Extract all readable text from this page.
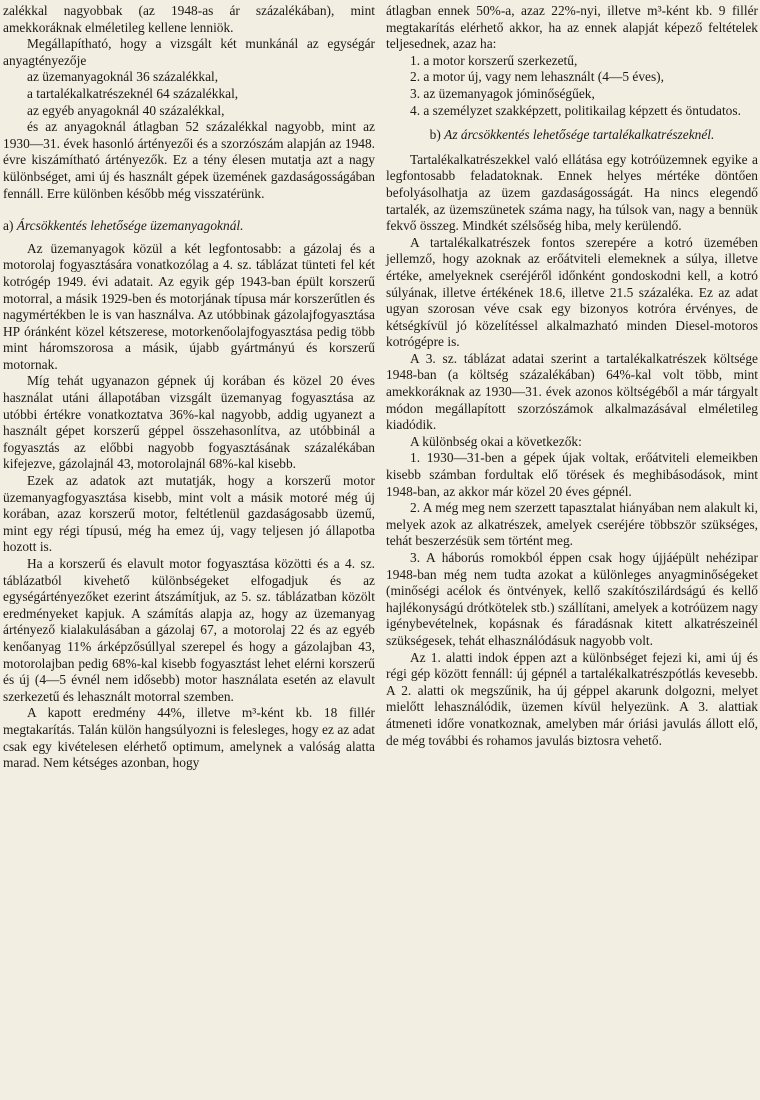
zalékkal nagyobbak (az 1948-as ár százalékában), mint amekkoráknak elméletileg kellene lenniök.

Megállapítható, hogy a vizsgált két munkánál az egységár anyagtényezője

az üzemanyagoknál 36 százalékkal,

a tartalékalkatrészeknél 64 százalékkal,

az egyéb anyagoknál 40 százalékkal,

és az anyagoknál átlagban 52 százalékkal nagyobb, mint az 1930—31. évek hasonló ártényezői és a szorzószám alapján az 1948. évre kiszámítható ártényezők. Ez a tény élesen mutatja azt a nagy különbséget, ami új és használt gépek üzemének gazdaságosságában fennáll. Erre különben később még visszatérünk.

a) Árcsökkentés lehetősége üzemanyagoknál.

Az üzemanyagok közül a két legfontosabb: a gázolaj és a motorolaj fogyasztására vonatkozólag a 4. sz. táblázat tünteti fel két kotrógép 1949. évi adatait. Az egyik gép 1943-ban épült korszerű motorral, a másik 1929-ben és motorjának típusa már korszerűtlen és nagymértékben le is van használva. Az utóbbinak gázolajfogyasztása HP óránként közel kétszerese, motorkenőolajfogyasztása pedig több mint háromszorosa a másik, újabb gyártmányú és korszerű motornak.

Míg tehát ugyanazon gépnek új korában és közel 20 éves használat utáni állapotában vizsgált üzemanyag fogyasztása az utóbbi értékre vonatkoztatva 36%-kal nagyobb, addig ugyanezt a használt gépet korszerű géppel összehasonlítva, az utóbbinál a fogyasztás az előbbi nagyobb fogyasztásának százalékában kifejezve, gázolajnál 43, motorolajnál 68%-kal kisebb.

Ezek az adatok azt mutatják, hogy a korszerű motor üzemanyagfogyasztása kisebb, mint volt a másik motoré még új korában, azaz korszerű motor, feltétlenül gazdaságosabb üzemű, mint egy régi típusú, még ha emez új, vagy teljesen jó állapotba hozott is.

Ha a korszerű és elavult motor fogyasztása közötti és a 4. sz. táblázatból kivehető különbségeket elfogadjuk és az egységártényezőket ezerint átszámítjuk, az 5. sz. táblázatban közölt eredményeket kapjuk. A számítás alapja az, hogy az üzemanyag ártényező kialakulásában a gázolaj 67, a motorolaj 22 és az egyéb kenőanyag 11% árképzősúllyal szerepel és hogy a gázolajban 43, motorolajban pedig 68%-kal kisebb fogyasztást lehet elérni korszerű és új (4—5 évnél nem idősebb) motor használata esetén az elavult szerkezetű és lehasznált motorral szemben.

A kapott eredmény 44%, illetve m³-ként kb. 18 fillér megtakarítás. Talán külön hangsúlyozni is felesleges, hogy ez az adat csak egy kivételesen elérhető optimum, amelynek a valóság alatta marad. Nem kétséges azonban, hogy

átlagban ennek 50%-a, azaz 22%-nyi, illetve m³-ként kb. 9 fillér megtakarítás elérhető akkor, ha az ennek alapját képező feltételek teljesednek, azaz ha:

1. a motor korszerű szerkezetű,

2. a motor új, vagy nem lehasznált (4—5 éves),

3. az üzemanyagok jóminőségűek,

4. a személyzet szakképzett, politikailag képzett és öntudatos.

b) Az árcsökkentés lehetősége tartalékalkatrészeknél.

Tartalékalkatrészekkel való ellátása egy kotróüzemnek egyike a legfontosabb feladatoknak. Ennek helyes mértéke döntően befolyásolhatja az üzem gazdaságosságát. Ha nincs elegendő tartalék, az üzemszünetek száma nagy, ha túlsok van, nagy a bennük fekvő összeg. Mindkét szélsőség hiba, mely kerülendő.

A tartalékalkatrészek fontos szerepére a kotró üzemében jellemző, hogy azoknak az erőátviteli elemeknek a súlya, illetve értéke, amelyeknek cseréjéről időnként gondoskodni kell, a kotró súlyának, illetve értékének 18.6, illetve 21.5 százaléka. Ez az adat ugyan szorosan véve csak egy bizonyos kotróra érvényes, de kétségkívül jó közelítéssel alkalmazható minden Diesel-motoros kotrógépre is.

A 3. sz. táblázat adatai szerint a tartalékalkatrészek költsége 1948-ban (a költség százalékában) 64%-kal volt több, mint amekkoráknak az 1930—31. évek azonos költségéből a már tárgyalt módon megállapított szorzószámok alkalmazásával elméletileg kiadódik.

A különbség okai a következők:

1. 1930—31-ben a gépek újak voltak, erőátviteli elemeikben kisebb számban fordultak elő törések és meghibásodások, mint 1948-ban, az akkor már közel 20 éves gépnél.

2. A még meg nem szerzett tapasztalat hiányában nem alakult ki, melyek azok az alkatrészek, amelyek cseréjére többször szükséges, tehát beszerzésük sem történt meg.

3. A háborús romokból éppen csak hogy újjáépült nehézipar 1948-ban még nem tudta azokat a különleges anyagminőségeket (minőségi acélok és öntvények, kellő szakítószilárdságú és kellő hajlékonyságú drótkötelek stb.) szállítani, amelyek a kotróüzem nagy igénybevételnek, kopásnak és fáradásnak kitett alkatrészeinél szükségesek, tehát elhasználódásuk nagyobb volt.

Az 1. alatti indok éppen azt a különbséget fejezi ki, ami új és régi gép között fennáll: új gépnél a tartalékalkatrészpótlás kevesebb. A 2. alatti ok megszűnik, ha új géppel akarunk dolgozni, melyet mielőtt lehasználódik, üzemen kívül helyezünk. A 3. alattiak átmeneti időre vonatkoznak, amelyben már óriási javulás állott elő, de még további és rohamos javulás biztosra vehető.
